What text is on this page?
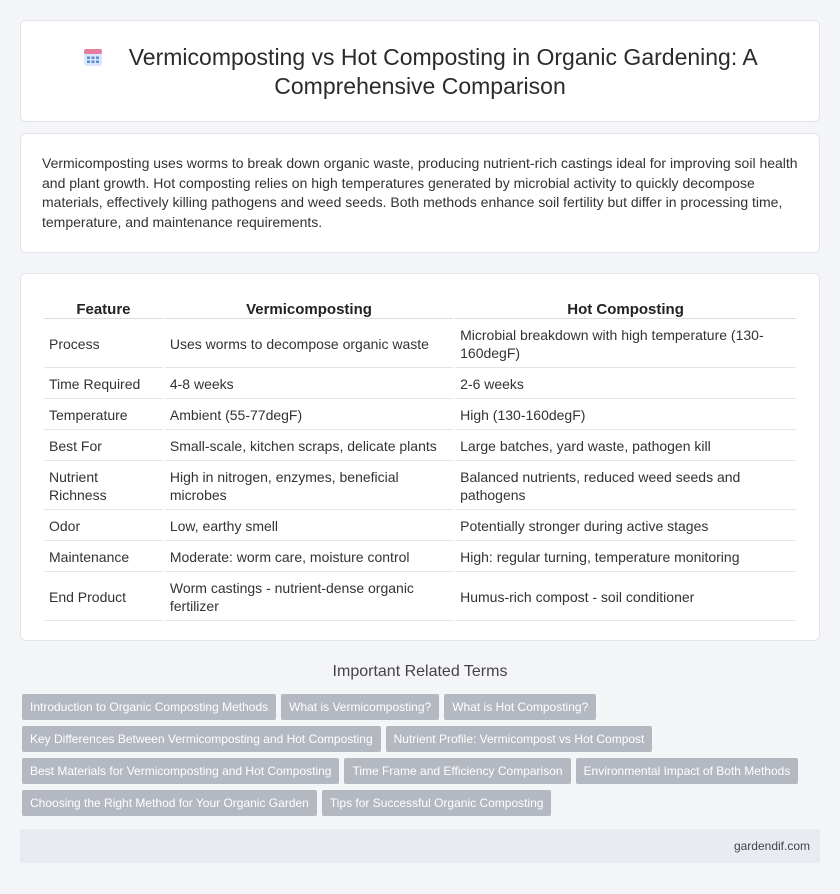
Vermicomposting vs Hot Composting in Organic Gardening: A Comprehensive Comparison

Vermicomposting uses worms to break down organic waste, producing nutrient-rich castings ideal for improving soil health and plant growth. Hot composting relies on high temperatures generated by microbial activity to quickly decompose materials, effectively killing pathogens and weed seeds. Both methods enhance soil fertility but differ in processing time, temperature, and maintenance requirements.

Feature	Vermicomposting	Hot Composting
Process	Uses worms to decompose organic waste	Microbial breakdown with high temperature (130-160degF)
Time Required	4-8 weeks	2-6 weeks
Temperature	Ambient (55-77degF)	High (130-160degF)
Best For	Small-scale, kitchen scraps, delicate plants	Large batches, yard waste, pathogen kill
Nutrient Richness	High in nitrogen, enzymes, beneficial microbes	Balanced nutrients, reduced weed seeds and pathogens
Odor	Low, earthy smell	Potentially stronger during active stages
Maintenance	Moderate: worm care, moisture control	High: regular turning, temperature monitoring
End Product	Worm castings - nutrient-dense organic fertilizer	Humus-rich compost - soil conditioner
Important Related Terms
Introduction to Organic Composting Methods What is Vermicomposting? What is Hot Composting?
Key Differences Between Vermicomposting and Hot Composting Nutrient Profile: Vermicompost vs Hot Compost
Best Materials for Vermicomposting and Hot Composting Time Frame and Efficiency Comparison Environmental Impact of Both Methods
Choosing the Right Method for Your Organic Garden Tips for Successful Organic Composting
gardendif.com
